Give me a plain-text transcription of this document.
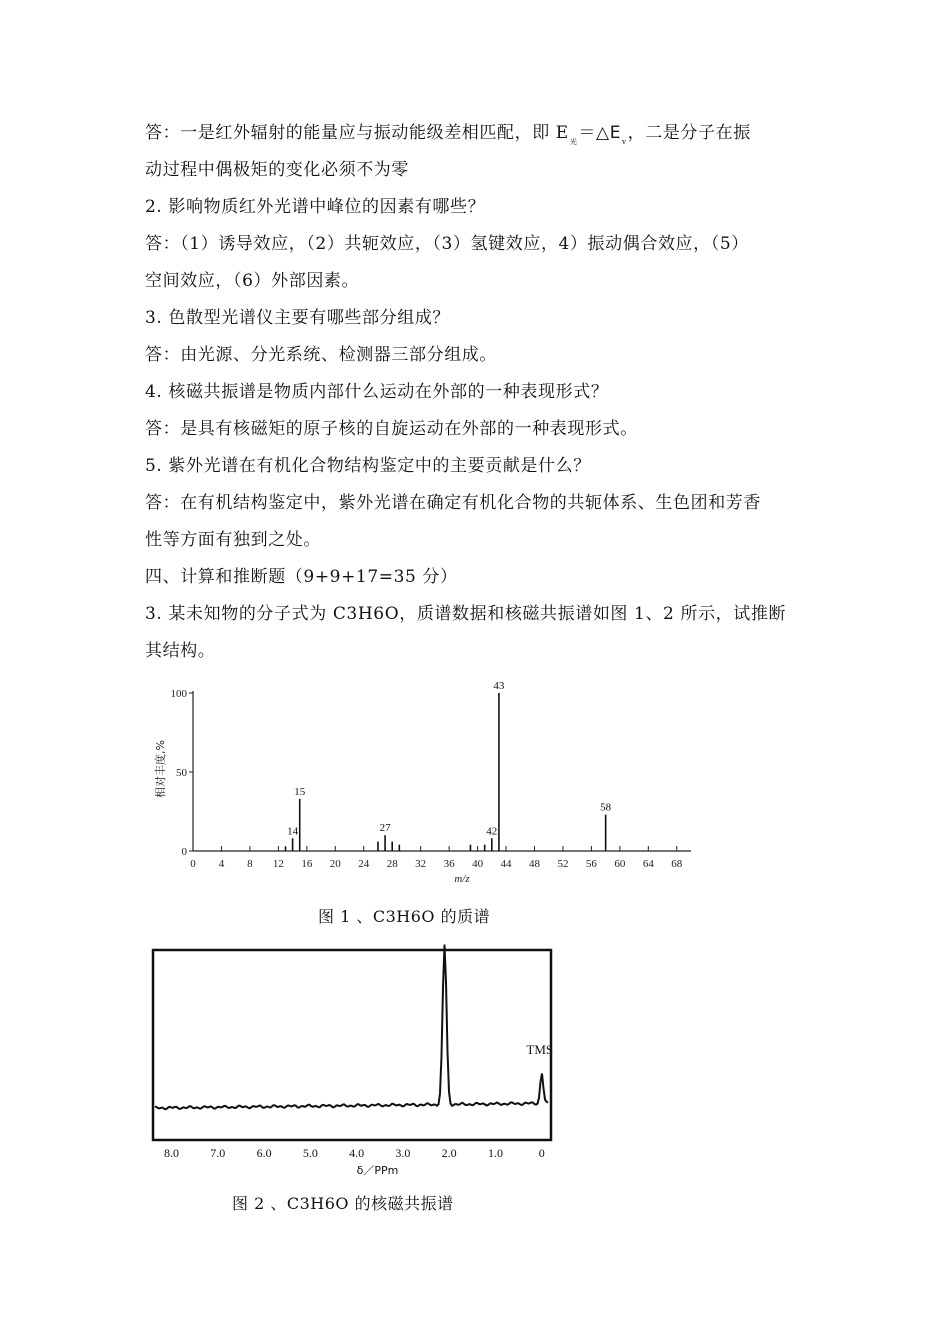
答：一是红外辐射的能量应与振动能级差相匹配，即 $E_光=\triangle E_v$，二是分子在振
动过程中偶极矩的变化必须不为零
2. 影响物质红外光谱中峰位的因素有哪些？
答：（1）诱导效应，（2）共轭效应，（3）氢键效应，4）振动偶合效应，（5）
空间效应，（6）外部因素。
3. 色散型光谱仪主要有哪些部分组成？
答：由光源、分光系统、检测器三部分组成。
4. 核磁共振谱是物质内部什么运动在外部的一种表现形式？
答：是具有核磁矩的原子核的自旋运动在外部的一种表现形式。
5. 紫外光谱在有机化合物结构鉴定中的主要贡献是什么？
答：在有机结构鉴定中，紫外光谱在确定有机化合物的共轭体系、生色团和芳香
性等方面有独到之处。
四、计算和推断题（9+9+17=35 分）
3. 某未知物的分子式为 C3H6O，质谱数据和核磁共振谱如图 1、2 所示，试推断
其结构。
0 4 8 12 16 20 24 28 32 36 40 44 48 52 56 60 64 68
0
50
100
14
15
27	42
43
58
m/z
相对丰度,%
图 1 、C3H6O 的质谱
TMS
8.0	7.0	6.0	5.0	4.0	3.0	2.0	1.0	0
δ／PPm
图 2 、C3H6O 的核磁共振谱
